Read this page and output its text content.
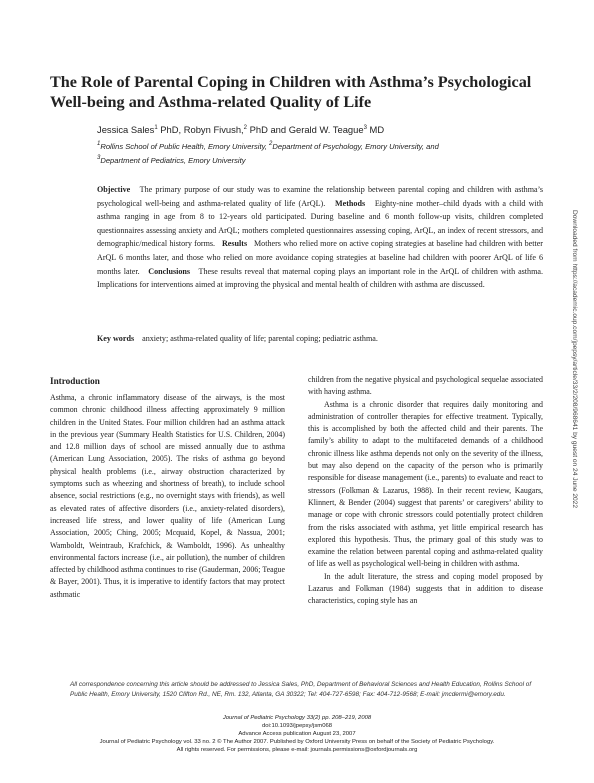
The Role of Parental Coping in Children with Asthma’s Psychological Well-being and Asthma-related Quality of Life
Jessica Sales$^1$ PhD, Robyn Fivush,$^2$ PhD and Gerald W. Teague$^3$ MD
$^1$Rollins School of Public Health, Emory University, $^2$Department of Psychology, Emory University, and
$^3$Department of Pediatrics, Emory University

Objective The primary purpose of our study was to examine the relationship between parental coping and children with asthma’s psychological well-being and asthma-related quality of life (ArQL). Methods Eighty-nine mother–child dyads with a child with asthma ranging in age from 8 to 12-years old participated. During baseline and 6 month follow-up visits, children completed questionnaires assessing anxiety and ArQL; mothers completed questionnaires assessing coping, ArQL, an index of recent stressors, and demographic/medical history forms. Results Mothers who relied more on active coping strategies at baseline had children with better ArQL 6 months later, and those who relied on more avoidance coping strategies at baseline had children with poorer ArQL of life 6 months later. Conclusions These results reveal that maternal coping plays an important role in the ArQL of children with asthma. Implications for interventions aimed at improving the physical and mental health of children with asthma are discussed.

Key words anxiety; asthma-related quality of life; parental coping; pediatric asthma.	Downloaded from https://academic.oup.com/jpepsy/article/33/2/208/968641 by guest on 24 June 2022
Introduction

Asthma, a chronic inflammatory disease of the airways, is the most common chronic childhood illness affecting approximately 9 million children in the United States. Four million children had an asthma attack in the previous year (Summary Health Statistics for U.S. Children, 2004) and 12.8 million days of school are missed annually due to asthma (American Lung Association, 2005). The risks of asthma go beyond physical health problems (i.e., airway obstruction characterized by symptoms such as wheezing and shortness of breath), to include school absence, social restrictions (e.g., no overnight stays with friends), as well as elevated rates of affective disorders (i.e., anxiety-related disorders), increased life stress, and lower quality of life (American Lung Association, 2005; Ching, 2005; Mcquaid, Kopel, & Nassua, 2001; Wamboldt, Weintraub, Krafchick, & Wamboldt, 1996). As unhealthy environmental factors increase (i.e., air pollution), the number of children affected by childhood asthma continues to rise (Gauderman, 2006; Teague & Bayer, 2001). Thus, it is imperative to identify factors that may protect asthmatic

children from the negative physical and psychological sequelae associated with having asthma.

Asthma is a chronic disorder that requires daily monitoring and administration of controller therapies for effective treatment. Typically, this is accomplished by both the affected child and their parents. The family’s ability to adapt to the multifaceted demands of a childhood chronic illness like asthma depends not only on the severity of the illness, but may also depend on the capacity of the person who is primarily responsible for disease management (i.e., parents) to evaluate and react to stressors (Folkman & Lazarus, 1988). In their recent review, Kaugars, Klinnert, & Bender (2004) suggest that parents’ or caregivers’ ability to manage or cope with chronic stressors could potentially protect children from the risks associated with asthma, yet little empirical research has explored this hypothesis. Thus, the primary goal of this study was to examine the relation between parental coping and asthma-related quality of life as well as psychological well-being in children with asthma.

In the adult literature, the stress and coping model proposed by Lazarus and Folkman (1984) suggests that in addition to disease characteristics, coping style has an

All correspondence concerning this article should be addressed to Jessica Sales, PhD, Department of Behavioral Sciences and Health Education, Rollins School of Public Health, Emory University, 1520 Clifton Rd., NE, Rm. 132, Atlanta, GA 30322; Tel: 404-727-6598; Fax: 404-712-9568; E-mail: jmcdermi@emory.edu.
Journal of Pediatric Psychology 33(2) pp. 208–219, 2008
doi:10.1093/jpepsy/jsm068
Advance Access publication August 23, 2007
Journal of Pediatric Psychology vol. 33 no. 2 © The Author 2007. Published by Oxford University Press on behalf of the Society of Pediatric Psychology.
All rights reserved. For permissions, please e-mail: journals.permissions@oxfordjournals.org
